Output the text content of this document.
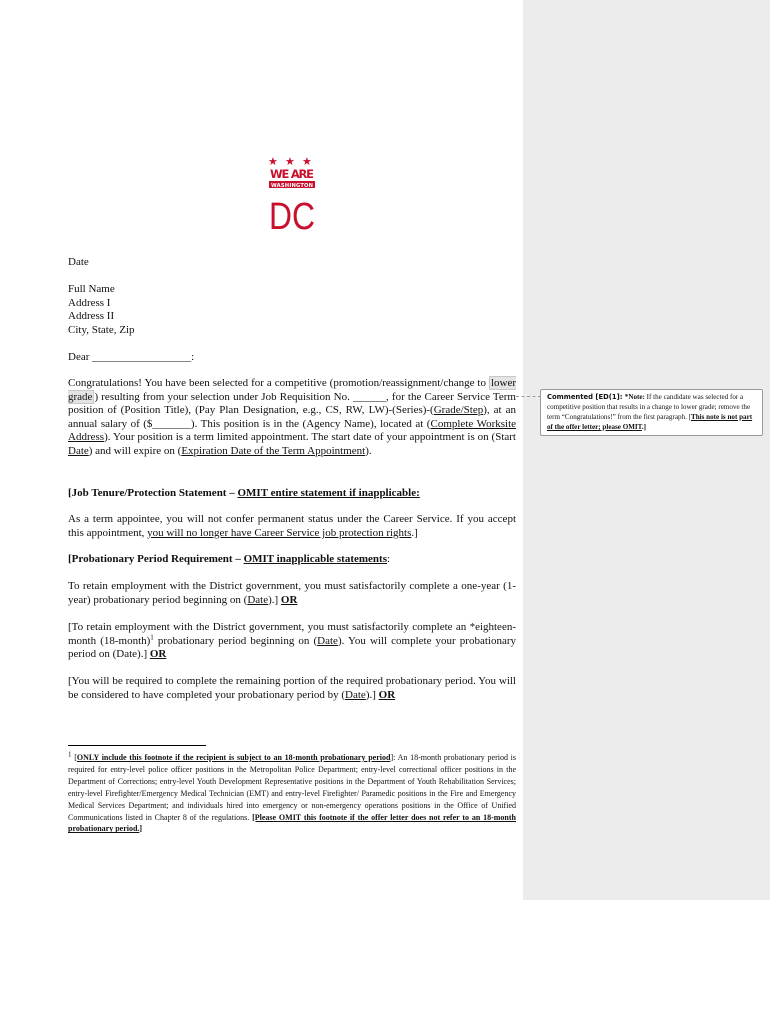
★ ★ ★
WE ARE
WASHINGTON
DC
Date
Full Name
Address I
Address II
City, State, Zip
Dear __________________:
Congratulations! You have been selected for a competitive (promotion/reassignment/change to lower grade ) resulting from your selection under Job Requisition No. ______, for the Career Service Term position of (Position Title), (Pay Plan Designation, e.g., CS, RW, LW)-(Series)-(Grade/Step), at an annual salary of ($_______). This position is in the (Agency Name), located at (Complete Worksite Address). Your position is a term limited appointment. The start date of your appointment is on (Start Date) and will expire on (Expiration Date of the Term Appointment).
[Job Tenure/Protection Statement – OMIT entire statement if inapplicable:
As a term appointee, you will not confer permanent status under the Career Service. If you accept this appointment, you will no longer have Career Service job protection rights.]
[Probationary Period Requirement – OMIT inapplicable statements:
To retain employment with the District government, you must satisfactorily complete a one-year (1-year) probationary period beginning on (Date).] OR
[To retain employment with the District government, you must satisfactorily complete an *eighteen-month (18-month)$^1$ probationary period beginning on (Date). You will complete your probationary period on (Date).] OR
[You will be required to complete the remaining portion of the required probationary period. You will be considered to have completed your probationary period by (Date).] OR
$^1$ [ONLY include this footnote if the recipient is subject to an 18-month probationary period]: An 18-month probationary period is required for entry-level police officer positions in the Metropolitan Police Department; entry-level correctional officer positions in the Department of Corrections; entry-level Youth Development Representative positions in the Department of Youth Rehabilitation Services; entry-level Firefighter/Emergency Medical Technician (EMT) and entry-level Firefighter/ Paramedic positions in the Fire and Emergency Medical Services Department; and individuals hired into emergency or non-emergency operations positions in the Office of Unified Communications listed in Chapter 8 of the regulations. [Please OMIT this footnote if the offer letter does not refer to an 18-month probationary period.]
Commented [ED(1]: *Note: If the candidate was selected for a competitive position that results in a change to lower grade; remove the term “Congratulations!” from the first paragraph. [This note is not part of the offer letter; please OMIT.]
